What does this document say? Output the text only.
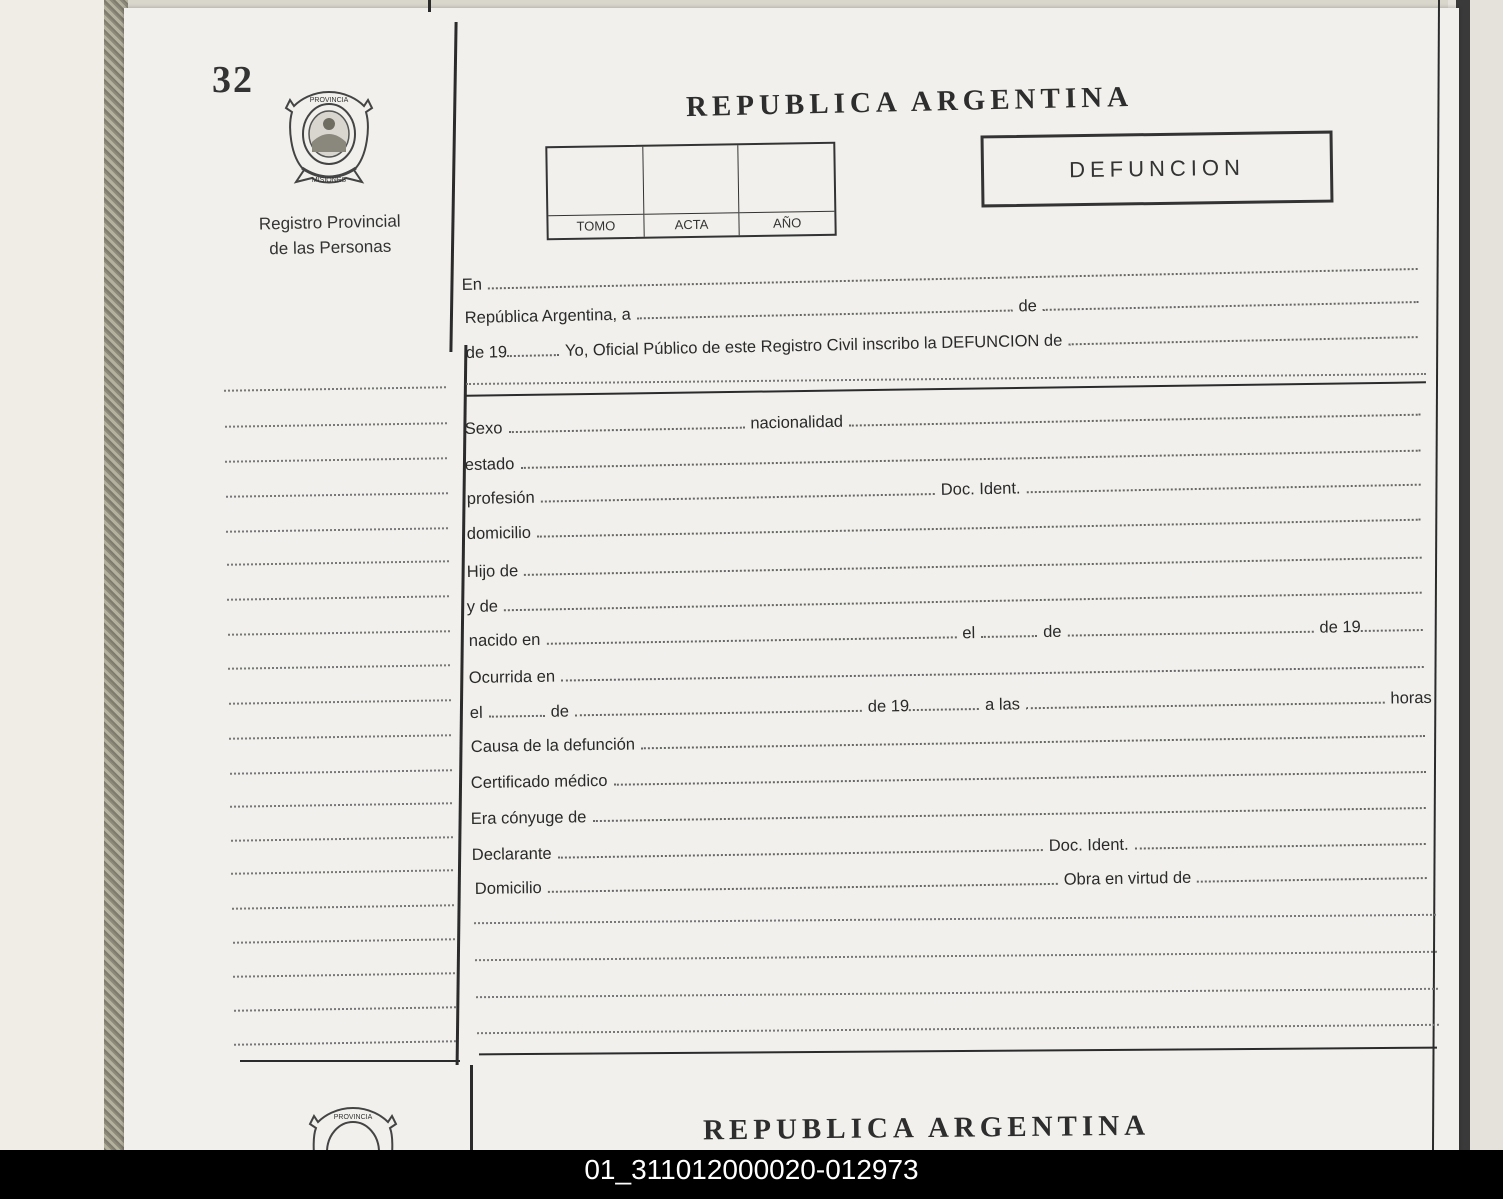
32	PROVINCIA
MISIONES
Registro Provincial
de las Personas
REPUBLICA ARGENTINA
TOMO	ACTA	AÑO
DEFUNCION
En
República Argentina, a	de
de 19	Yo, Oficial Público de este Registro Civil inscribo la DEFUNCION de
Sexo	nacionalidad
estado
profesión	Doc. Ident.
domicilio
Hijo de
y de
nacido en	el	de	de 19
Ocurrida en
el	de	de 19	a las	horas
Causa de la defunción
Certificado médico
Era cónyuge de
Declarante	Doc. Ident.
Domicilio	Obra en virtud de
PROVINCIA	REPUBLICA ARGENTINA
01_311012000020-012973
